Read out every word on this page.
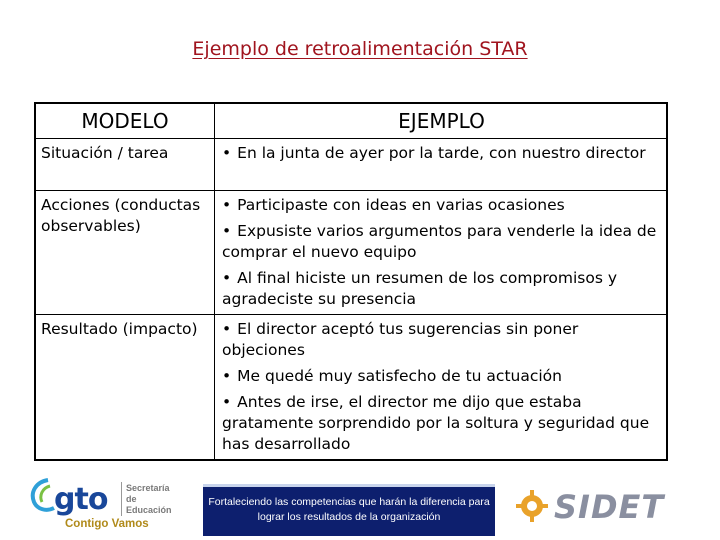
Ejemplo de retroalimentación STAR
MODELO	EJEMPLO
Situación / tarea	• En la junta de ayer por la tarde, con nuestro director

Acciones (conductas observables)	• Participaste con ideas en varias ocasiones
• Expusiste varios argumentos para venderle la idea de comprar el nuevo equipo
• Al final hiciste un resumen de los compromisos y agradeciste su presencia

Resultado (impacto)	• El director aceptó tus sugerencias sin poner objeciones
• Me quedé muy satisfecho de tu actuación
• Antes de irse, el director me dijo que estaba gratamente sorprendido por la soltura y seguridad que has desarrollado
gto Secretaría
de Educación
Contigo Vamos
Fortaleciendo las competencias que harán la diferencia para lograr los resultados de la organización	SIDET
